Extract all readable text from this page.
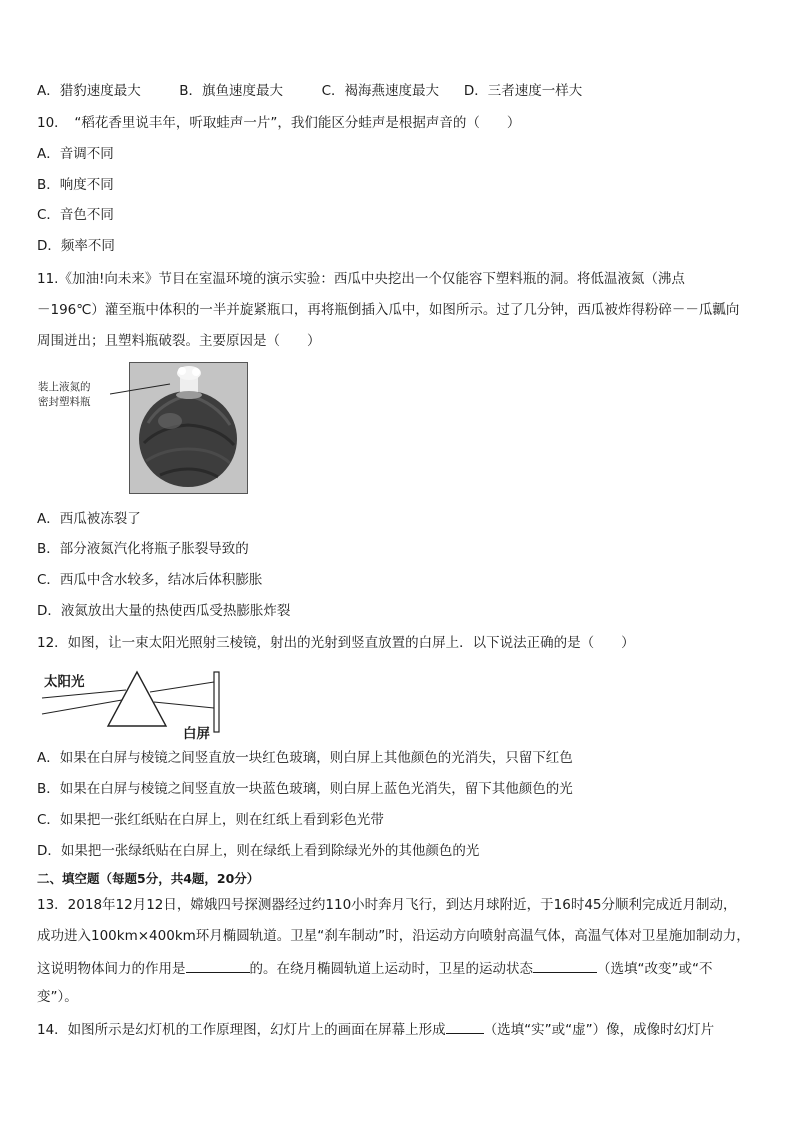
A．猎豹速度最大	B．旗鱼速度最大	C．褐海燕速度最大 D．三者速度一样大
10．　“稻花香里说丰年，听取蛙声一片”，我们能区分蛙声是根据声音的（　　）
A．音调不同
B．响度不同
C．音色不同
D．频率不同
11.《加油!向未来》节目在室温环境的演示实验：西瓜中央挖出一个仅能容下塑料瓶的洞。将低温液氮（沸点
－196℃）灌至瓶中体积的一半并旋紧瓶口，再将瓶倒插入瓜中，如图所示。过了几分钟，西瓜被炸得粉碎－－瓜瓤向
周围迸出；且塑料瓶破裂。主要原因是（　　）
装上液氮的
密封塑料瓶
A．西瓜被冻裂了
B．部分液氮汽化将瓶子胀裂导致的
C．西瓜中含水较多，结冰后体积膨胀
D．液氮放出大量的热使西瓜受热膨胀炸裂
12．如图，让一束太阳光照射三棱镜，射出的光射到竖直放置的白屏上．以下说法正确的是（　　）
太阳光
白屏
A．如果在白屏与棱镜之间竖直放一块红色玻璃，则白屏上其他颜色的光消失，只留下红色
B．如果在白屏与棱镜之间竖直放一块蓝色玻璃，则白屏上蓝色光消失，留下其他颜色的光
C．如果把一张红纸贴在白屏上，则在红纸上看到彩色光带
D．如果把一张绿纸贴在白屏上，则在绿纸上看到除绿光外的其他颜色的光
二、填空题（每题5分，共4题，20分）
13．2018年12月12日，嫦娥四号探测器经过约110小时奔月飞行，到达月球附近，于16时45分顺利完成近月制动，
成功进入100km×400km环月椭圆轨道。卫星“刹车制动”时，沿运动方向喷射高温气体，高温气体对卫星施加制动力，
这说明物体间力的作用是	的。在绕月椭圆轨道上运动时，卫星的运动状态	（选填“改变”或“不
变”）。
14．如图所示是幻灯机的工作原理图，幻灯片上的画面在屏幕上形成	（选填“实”或“虚”）像，成像时幻灯片
